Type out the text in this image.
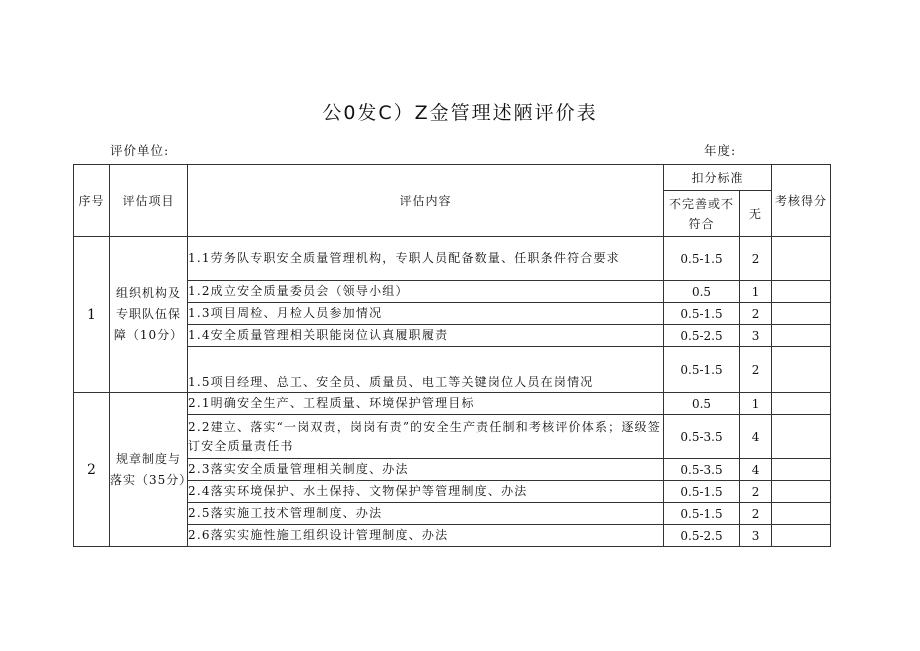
公0发C）Z金管理述陋评价表
评价单位:	年度:
序号	评估项目	评估内容	扣分标准		考核得分
			不完善或不符合	无	
1	组织机构及专职队伍保障（10分）	1.1劳务队专职安全质量管理机构，专职人员配备数量、任职条件符合要求	0.5-1.5	2	
		1.2成立安全质量委员会（领导小组）	0.5	1	
		1.3项目周检、月检人员参加情况	0.5-1.5	2	
		1.4安全质量管理相关职能岗位认真履职履责	0.5-2.5	3	
		1.5项目经理、总工、安全员、质量员、电工等关键岗位人员在岗情况	0.5-1.5	2	
2	规章制度与落实（35分）	2.1明确安全生产、工程质量、环境保护管理目标	0.5	1	
		2.2建立、落实“一岗双责，岗岗有责”的安全生产责任制和考核评价体系；逐级签订安全质量责任书	0.5-3.5	4	
		2.3落实安全质量管理相关制度、办法	0.5-3.5	4	
		2.4落实环境保护、水土保持、文物保护等管理制度、办法	0.5-1.5	2	
		2.5落实施工技术管理制度、办法	0.5-1.5	2	
		2.6落实实施性施工组织设计管理制度、办法	0.5-2.5	3	
